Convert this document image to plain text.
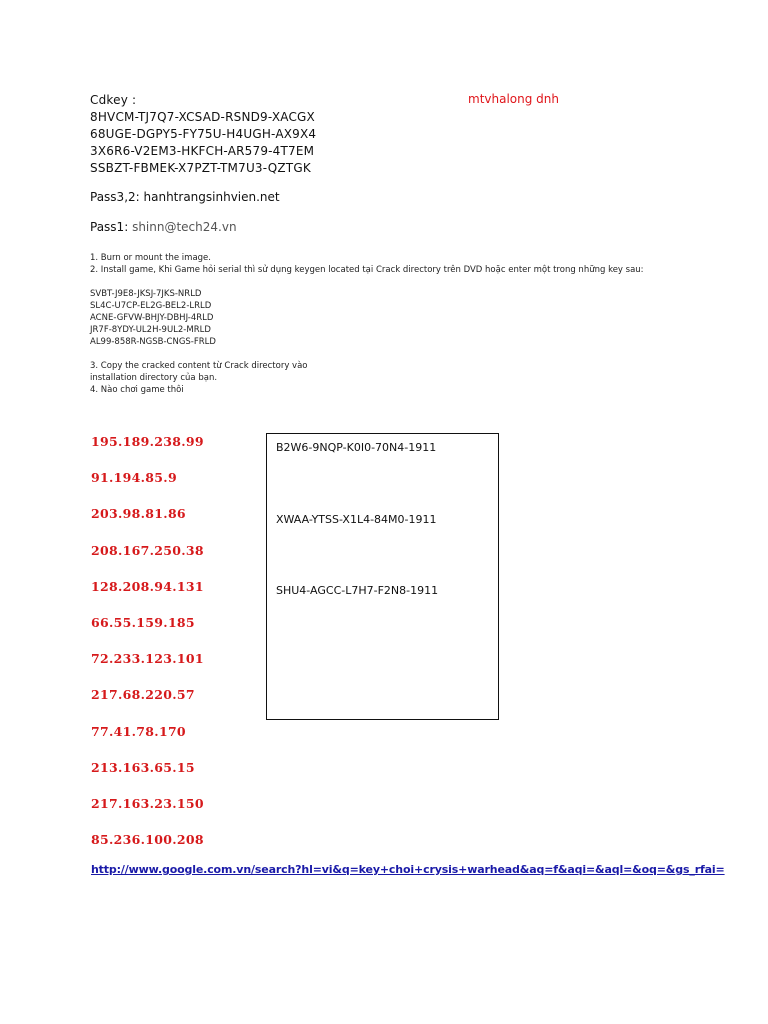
Cdkey :
8HVCM-TJ7Q7-XCSAD-RSND9-XACGX
68UGE-DGPY5-FY75U-H4UGH-AX9X4
3X6R6-V2EM3-HKFCH-AR579-4T7EM
SSBZT-FBMEK-X7PZT-TM7U3-QZTGK
mtvhalong dnh
Pass3,2: hanhtrangsinhvien.net
Pass1: shinn@tech24.vn
1. Burn or mount the image.
2. Install game, Khi Game hỏi serial thì sử dụng keygen located tại Crack directory trên DVD hoặc enter một trong những key sau:
SVBT-J9E8-JKSJ-7JKS-NRLD
SL4C-U7CP-EL2G-BEL2-LRLD
ACNE-GFVW-BHJY-DBHJ-4RLD
JR7F-8YDY-UL2H-9UL2-MRLD
AL99-858R-NGSB-CNGS-FRLD
3. Copy the cracked content từ Crack directory vào
installation directory của bạn.
4. Nào chơi game thôi
195.189.238.99
91.194.85.9
203.98.81.86
208.167.250.38
128.208.94.131
66.55.159.185
72.233.123.101
217.68.220.57
77.41.78.170
213.163.65.15
217.163.23.150
85.236.100.208
B2W6-9NQP-K0I0-70N4-1911
XWAA-YTSS-X1L4-84M0-1911
SHU4-AGCC-L7H7-F2N8-1911
http://www.google.com.vn/search?hl=vi&q=key+choi+crysis+warhead&aq=f&aqi=&aql=&oq=&gs_rfai=
